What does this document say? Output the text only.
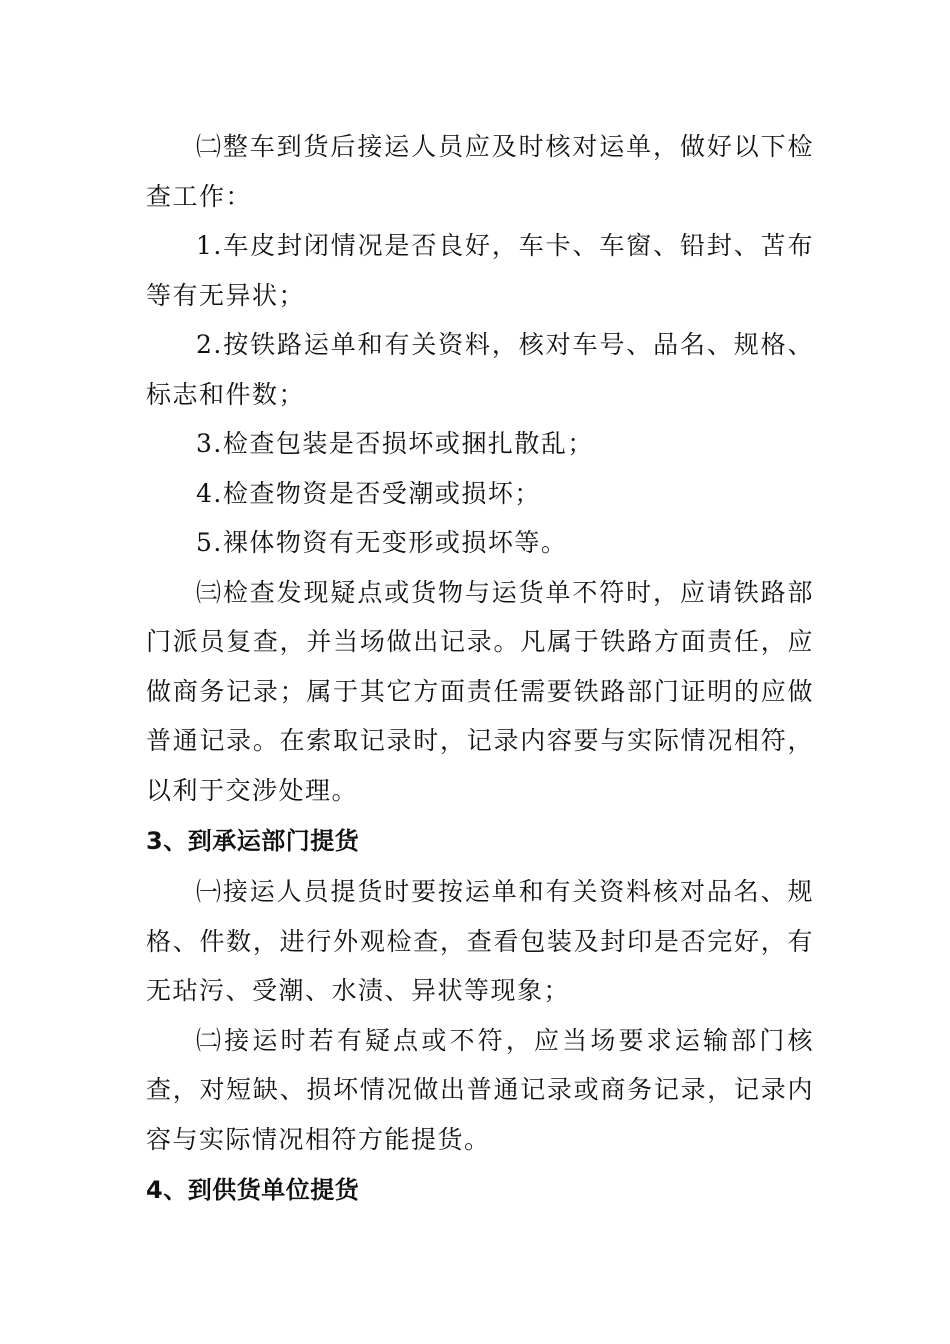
㈡整车到货后接运人员应及时核对运单，做好以下检查工作：

1.车皮封闭情况是否良好，车卡、车窗、铅封、苫布等有无异状；

2.按铁路运单和有关资料，核对车号、品名、规格、标志和件数；

3.检查包装是否损坏或捆扎散乱；

4.检查物资是否受潮或损坏；

5.裸体物资有无变形或损坏等。

㈢检查发现疑点或货物与运货单不符时，应请铁路部门派员复查，并当场做出记录。凡属于铁路方面责任，应做商务记录；属于其它方面责任需要铁路部门证明的应做普通记录。在索取记录时，记录内容要与实际情况相符，以利于交涉处理。

3、到承运部门提货

㈠接运人员提货时要按运单和有关资料核对品名、规格、件数，进行外观检查，查看包装及封印是否完好，有无玷污、受潮、水渍、异状等现象；

㈡接运时若有疑点或不符，应当场要求运输部门核查，对短缺、损坏情况做出普通记录或商务记录，记录内容与实际情况相符方能提货。

4、到供货单位提货
